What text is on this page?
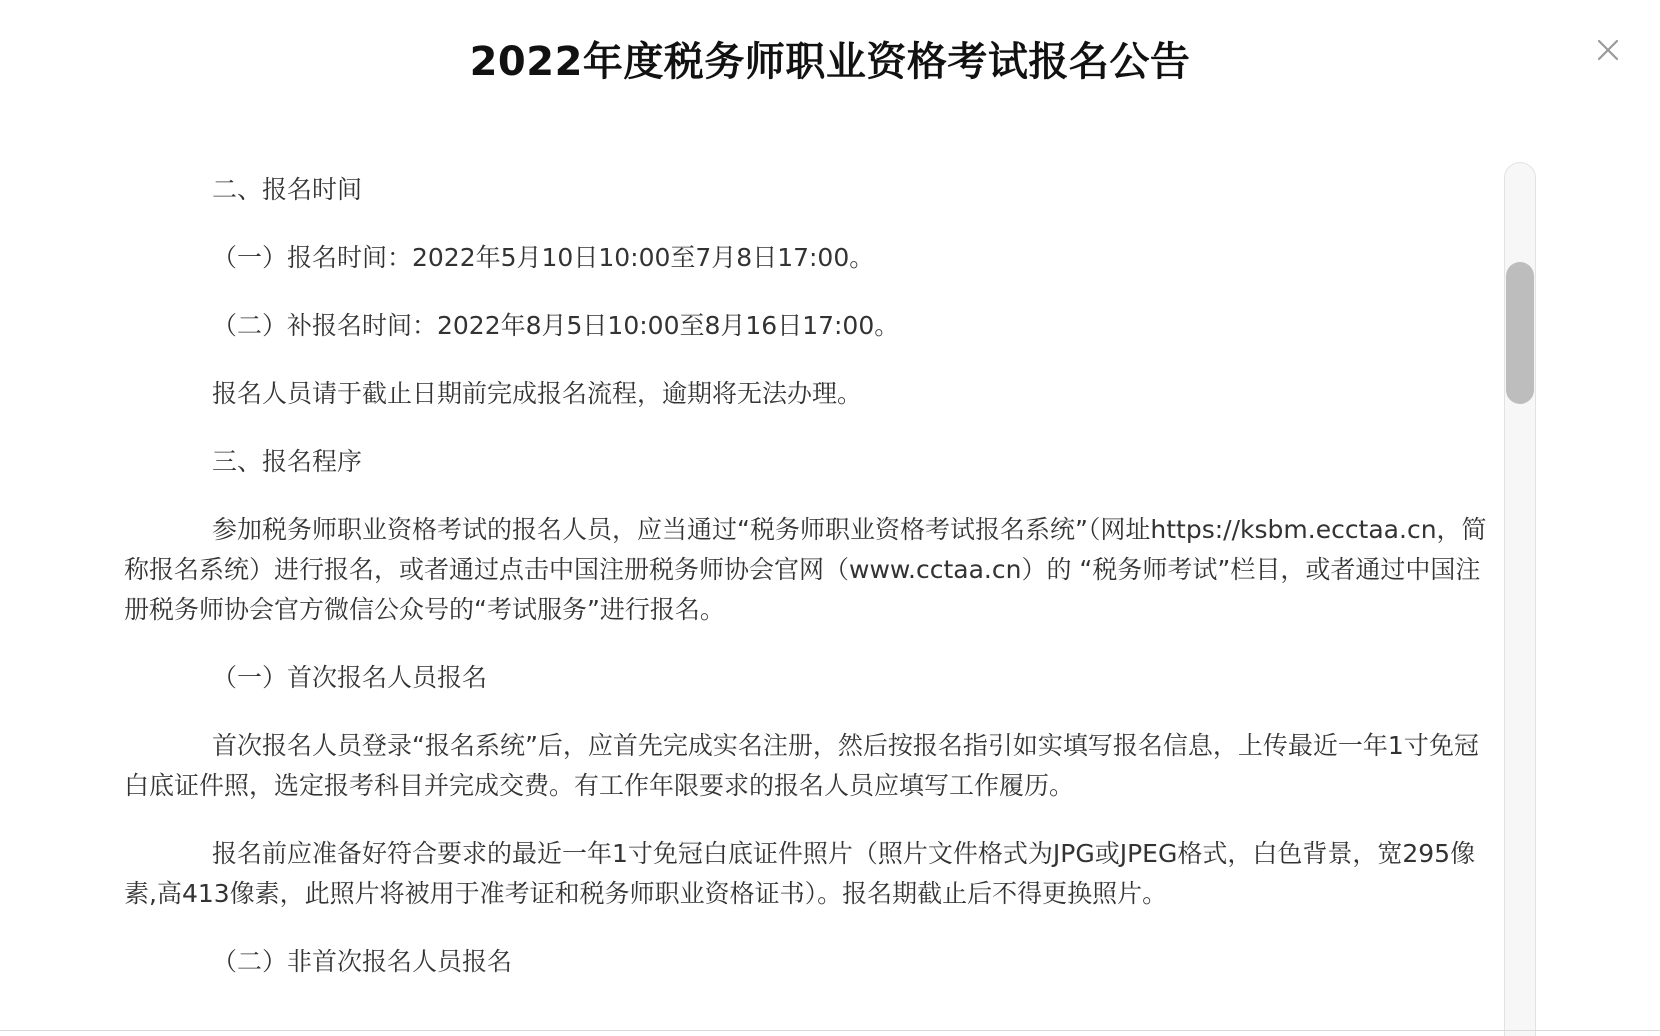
2022年度税务师职业资格考试报名公告

二、报名时间

（一）报名时间：2022年5月10日10:00至7月8日17:00。

（二）补报名时间：2022年8月5日10:00至8月16日17:00。

报名人员请于截止日期前完成报名流程，逾期将无法办理。

三、报名程序

参加税务师职业资格考试的报名人员，应当通过“税务师职业资格考试报名系统”（网址https://ksbm.ecctaa.cn，简称报名系统）进行报名，或者通过点击中国注册税务师协会官网（www.cctaa.cn）的 “税务师考试”栏目，或者通过中国注册税务师协会官方微信公众号的“考试服务”进行报名。

（一）首次报名人员报名

首次报名人员登录“报名系统”后，应首先完成实名注册，然后按报名指引如实填写报名信息，上传最近一年1寸免冠白底证件照，选定报考科目并完成交费。有工作年限要求的报名人员应填写工作履历。

报名前应准备好符合要求的最近一年1寸免冠白底证件照片（照片文件格式为JPG或JPEG格式，白色背景，宽295像素,高413像素，此照片将被用于准考证和税务师职业资格证书）。报名期截止后不得更换照片。

（二）非首次报名人员报名
